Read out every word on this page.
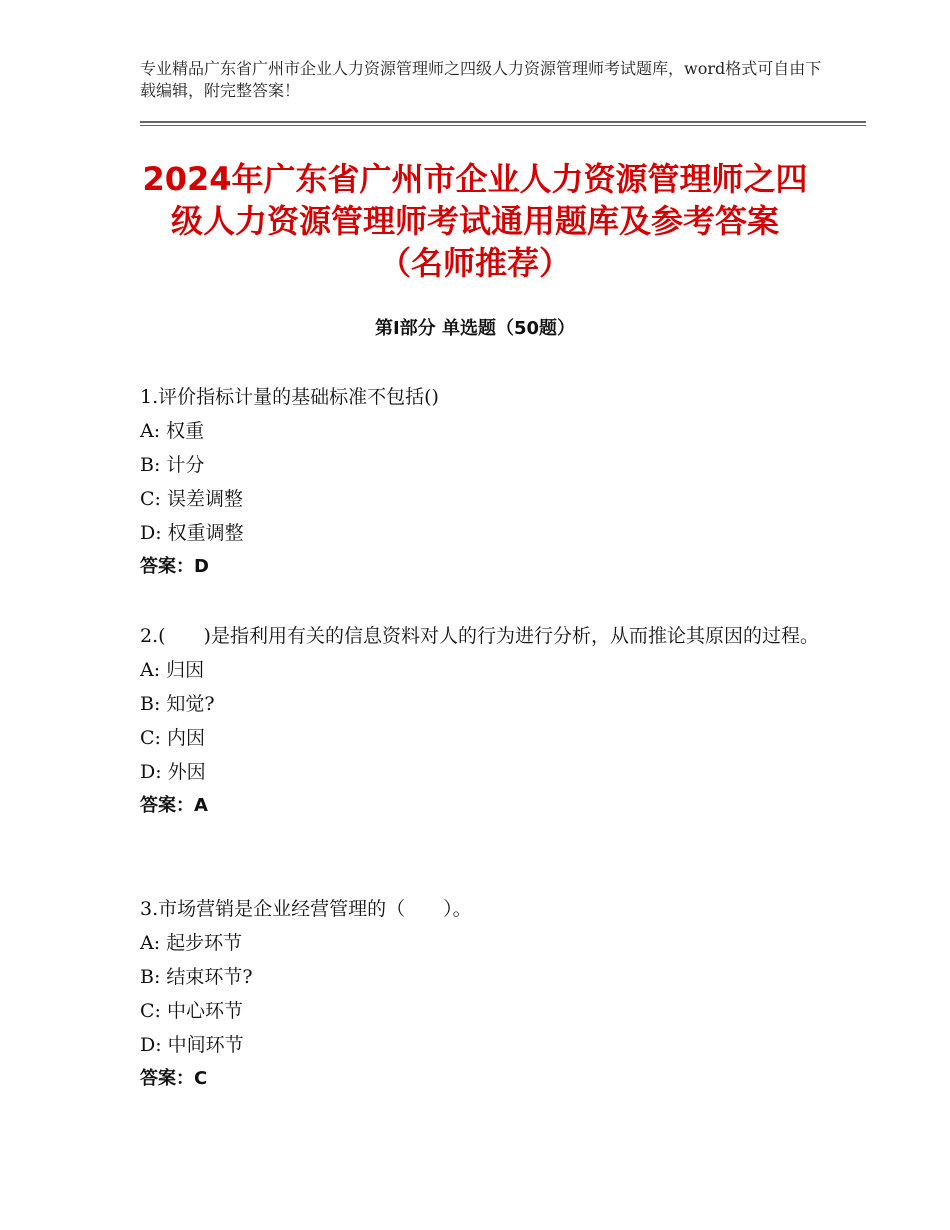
专业精品广东省广州市企业人力资源管理师之四级人力资源管理师考试题库，word格式可自由下载编辑，附完整答案！
2024年广东省广州市企业人力资源管理师之四级人力资源管理师考试通用题库及参考答案（名师推荐）
第Ⅰ部分 单选题（50题）
1.评价指标计量的基础标准不包括()
A: 权重
B: 计分
C: 误差调整
D: 权重调整
答案：D
2.(　　)是指利用有关的信息资料对人的行为进行分析，从而推论其原因的过程。
A: 归因
B: 知觉?
C: 内因
D: 外因
答案：A
3.市场营销是企业经营管理的（　　）。
A: 起步环节
B: 结束环节?
C: 中心环节
D: 中间环节
答案：C
